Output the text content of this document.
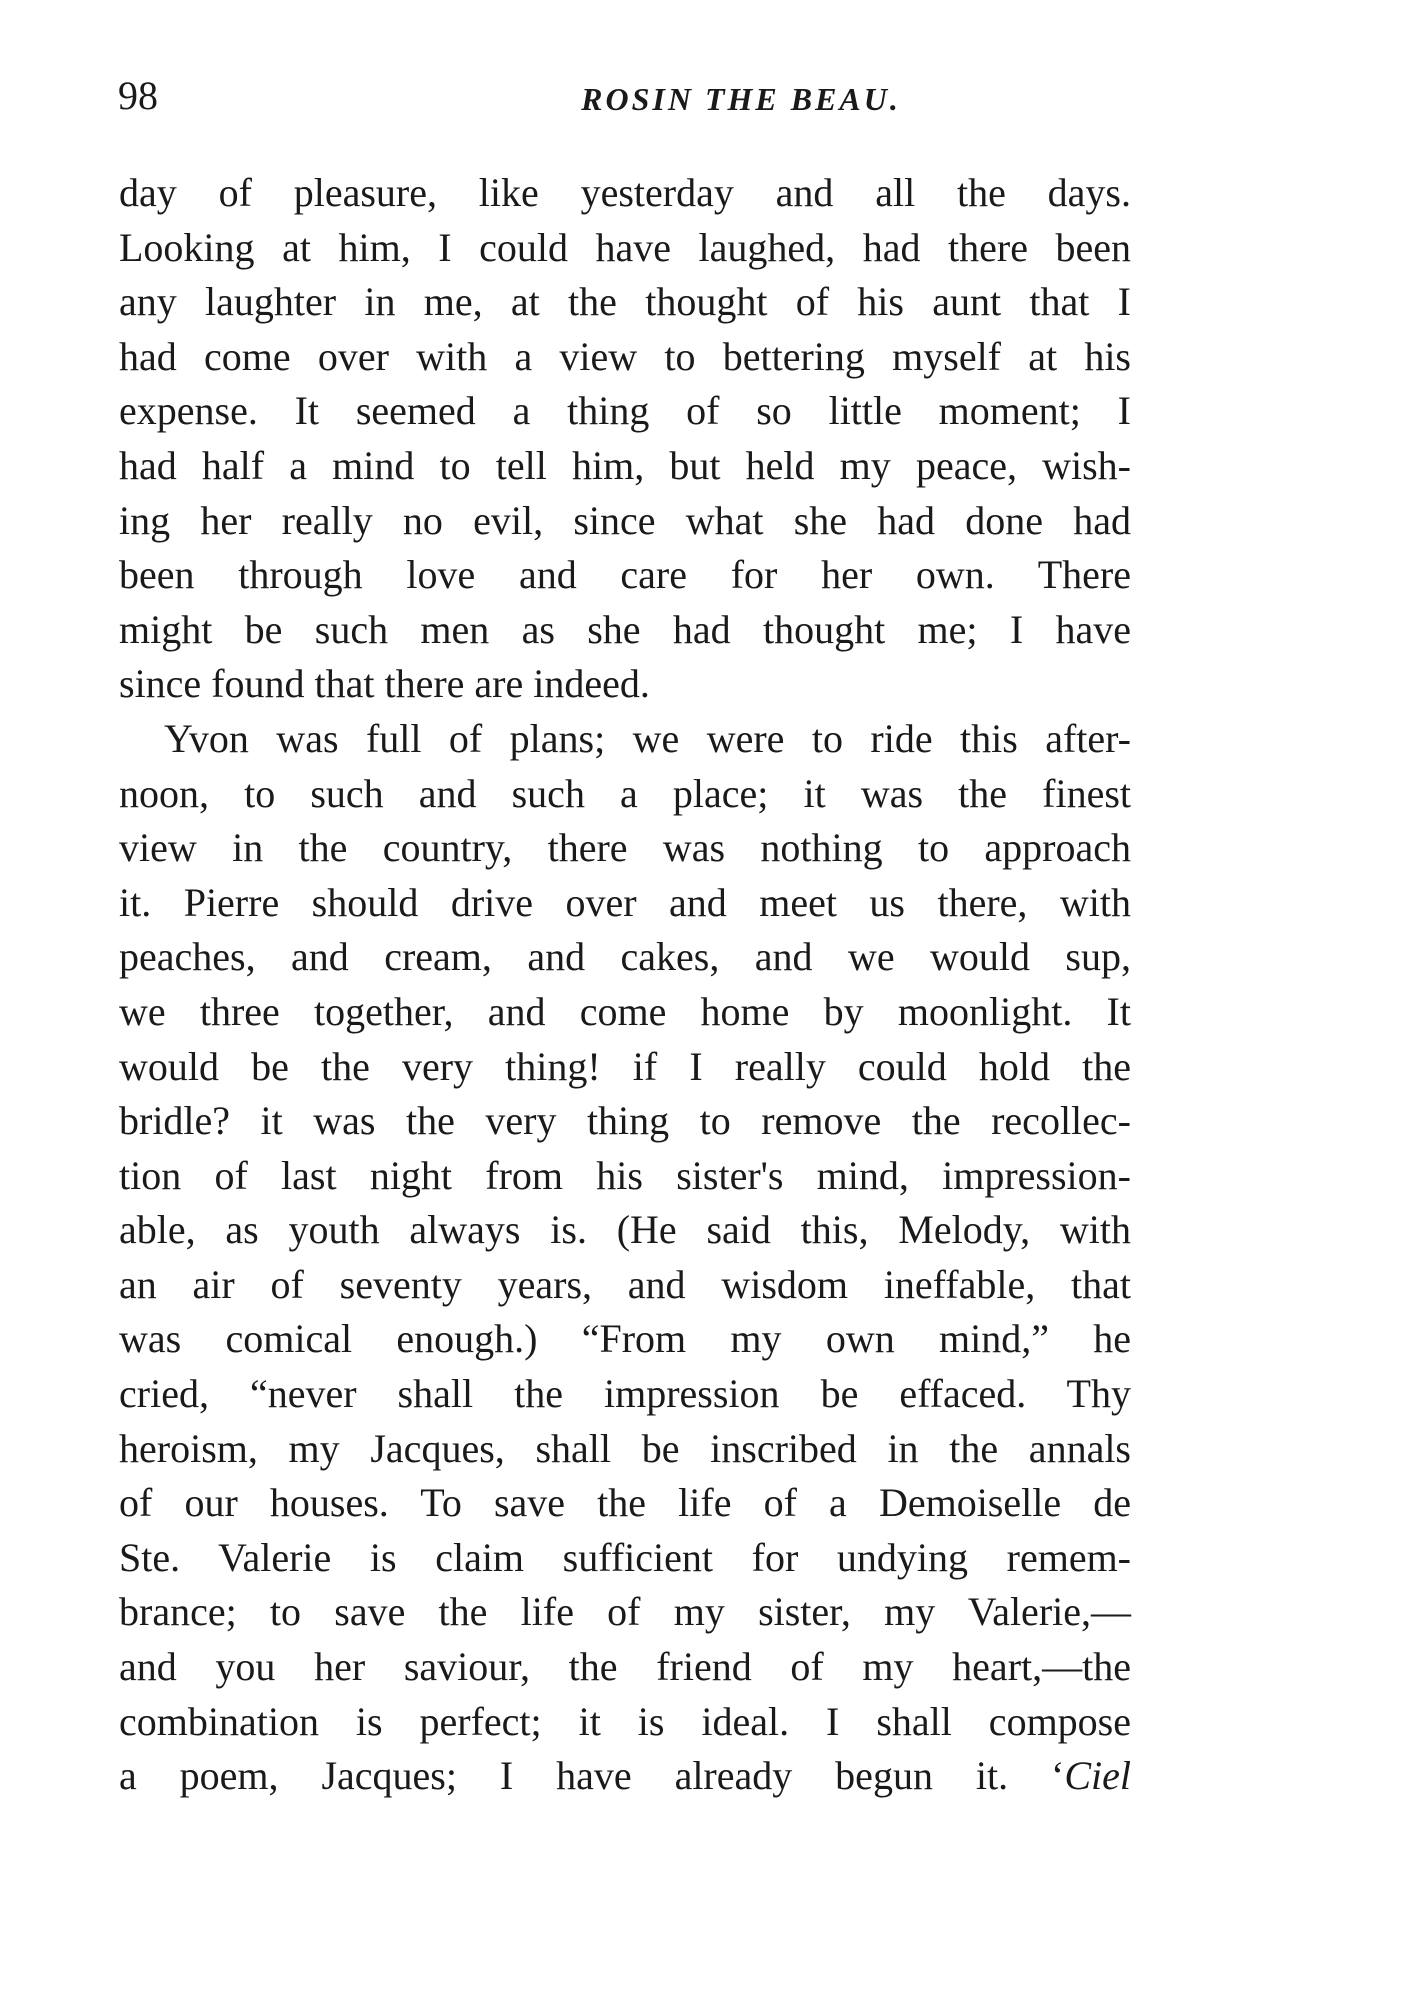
98	ROSIN THE BEAU.
day of pleasure, like yesterday and all the days.
Looking at him, I could have laughed, had there been
any laughter in me, at the thought of his aunt that I
had come over with a view to bettering myself at his
expense. It seemed a thing of so little moment; I
had half a mind to tell him, but held my peace, wish-
ing her really no evil, since what she had done had
been through love and care for her own. There
might be such men as she had thought me; I have
since found that there are indeed.
Yvon was full of plans; we were to ride this after-
noon, to such and such a place; it was the finest
view in the country, there was nothing to approach
it. Pierre should drive over and meet us there, with
peaches, and cream, and cakes, and we would sup,
we three together, and come home by moonlight. It
would be the very thing! if I really could hold the
bridle? it was the very thing to remove the recollec-
tion of last night from his sister's mind, impression-
able, as youth always is. (He said this, Melody, with
an air of seventy years, and wisdom ineffable, that
was comical enough.) “From my own mind,” he
cried, “never shall the impression be effaced. Thy
heroism, my Jacques, shall be inscribed in the annals
of our houses. To save the life of a Demoiselle de
Ste. Valerie is claim sufficient for undying remem-
brance; to save the life of my sister, my Valerie,—
and you her saviour, the friend of my heart,—the
combination is perfect; it is ideal. I shall compose
a poem, Jacques; I have already begun it. ‘Ciel
